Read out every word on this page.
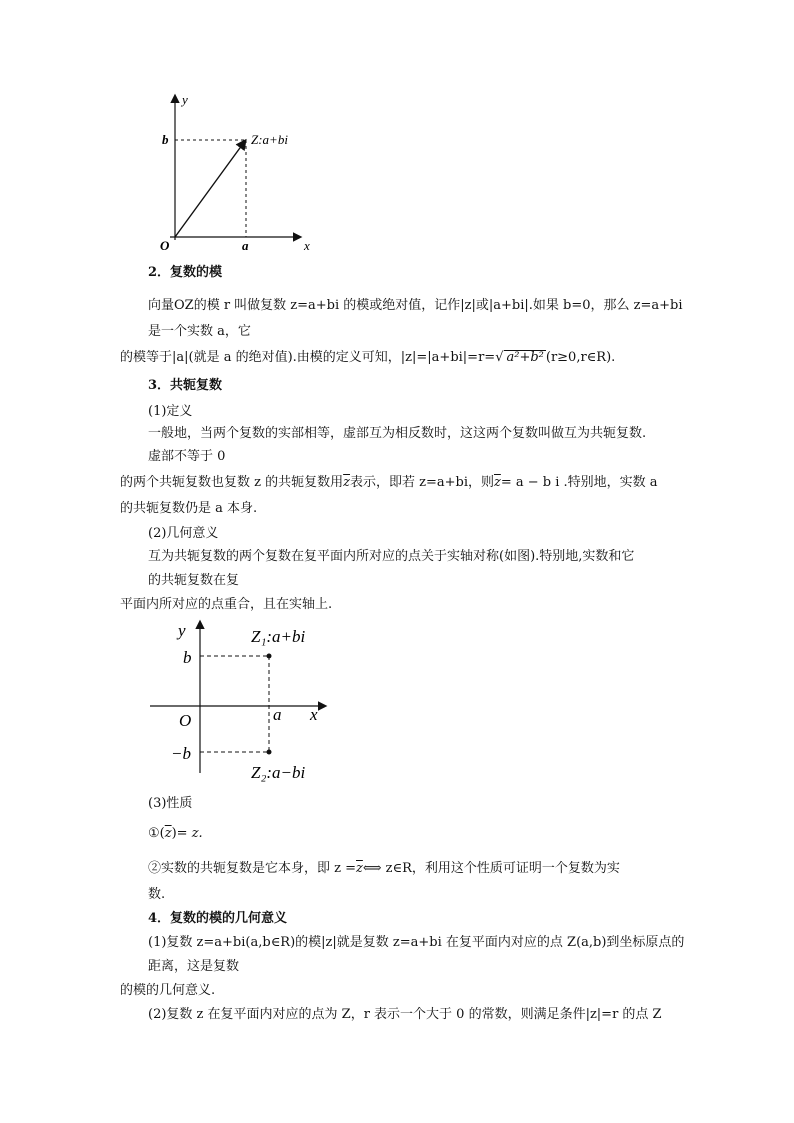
y
x
b
a
O
Z:a+bi
2．复数的模
向量OZ的模 r 叫做复数 z=a+bi 的模或绝对值，记作|z|或|a+bi|.如果 b=0，那么 z=a+bi
是一个实数 a，它
的模等于|a|(就是 a 的绝对值).由模的定义可知，|z|=|a+bi|=r=√ a²+b² (r≥0,r∈R).
3．共轭复数
(1)定义
一般地，当两个复数的实部相等，虚部互为相反数时，这这两个复数叫做互为共轭复数.
虚部不等于 0
的两个共轭复数也复数 z 的共轭复数用$\overline{z}$表示，即若 z=a+bi，则$\overline{z}= a - b$ i .特别地，实数 a
的共轭复数仍是 a 本身.
(2)几何意义
互为共轭复数的两个复数在复平面内所对应的点关于实轴对称(如图).特别地,实数和它
的共轭复数在复
平面内所对应的点重合，且在实轴上.
y
x
b
−b
a
O
Z₁:a+bi
Z₂:a−bi
(3)性质
$①(\overline{z})= z$.
②实数的共轭复数是它本身，即 $z =\overline{z}⟺$ z∈R，利用这个性质可证明一个复数为实
数.
4．复数的模的几何意义
(1)复数 z=a+bi(a,b∈R)的模|z|就是复数 z=a+bi 在复平面内对应的点 Z(a,b)到坐标原点的
距离，这是复数
的模的几何意义.
(2)复数 z 在复平面内对应的点为 Z，r 表示一个大于 0 的常数，则满足条件|z|=r 的点 Z
